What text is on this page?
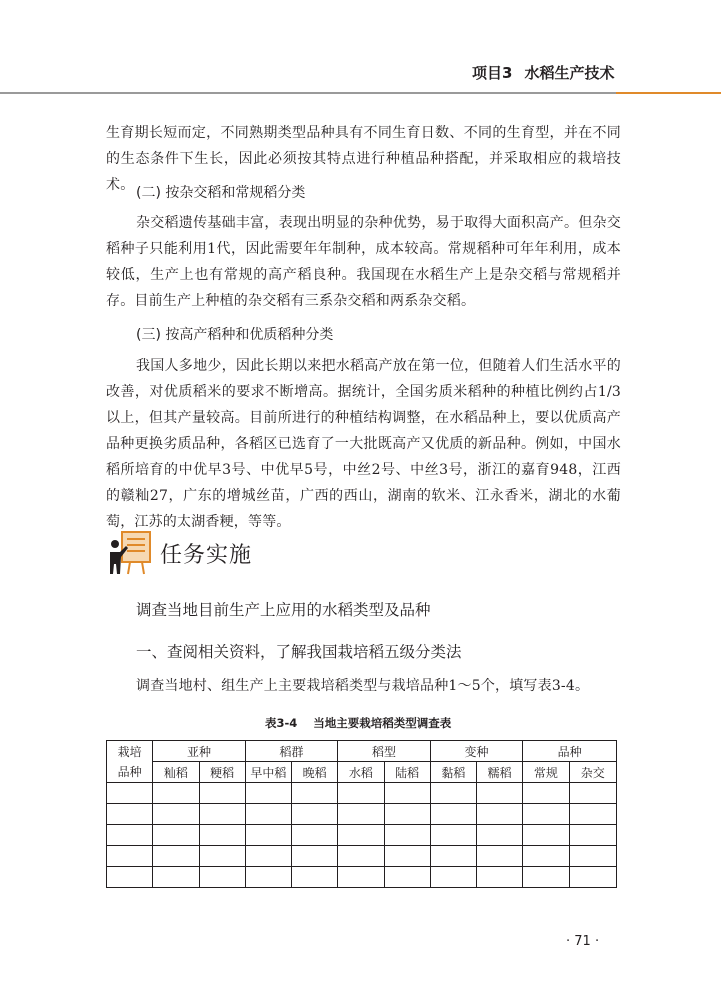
项目3 水稻生产技术

生育期长短而定，不同熟期类型品种具有不同生育日数、不同的生育型，并在不同的生态条件下生长，因此必须按其特点进行种植品种搭配，并采取相应的栽培技术。 (二) 按杂交稻和常规稻分类

杂交稻遗传基础丰富，表现出明显的杂种优势，易于取得大面积高产。但杂交稻种子只能利用1代，因此需要年年制种，成本较高。常规稻种可年年利用，成本较低，生产上也有常规的高产稻良种。我国现在水稻生产上是杂交稻与常规稻并存。目前生产上种植的杂交稻有三系杂交稻和两系杂交稻。

(三) 按高产稻种和优质稻种分类

我国人多地少，因此长期以来把水稻高产放在第一位，但随着人们生活水平的改善，对优质稻米的要求不断增高。据统计，全国劣质米稻种的种植比例约占1/3以上，但其产量较高。目前所进行的种植结构调整，在水稻品种上，要以优质高产品种更换劣质品种，各稻区已选育了一大批既高产又优质的新品种。例如，中国水稻所培育的中优早3号、中优早5号，中丝2号、中丝3号，浙江的嘉育948，江西的赣籼27，广东的增城丝苗，广西的西山，湖南的软米、江永香米，湖北的水葡萄，江苏的太湖香粳，等等。

任务实施

调查当地目前生产上应用的水稻类型及品种

一、查阅相关资料，了解我国栽培稻五级分类法

调查当地村、组生产上主要栽培稻类型与栽培品种1～5个，填写表3-4。

表3-4 当地主要栽培稻类型调查表
栽培
品种	亚种		稻群		稻型		变种		品种	
	籼稻	粳稻	早中稻	晚稻	水稻	陆稻	黏稻	糯稻	常规	杂交

· 71 ·
